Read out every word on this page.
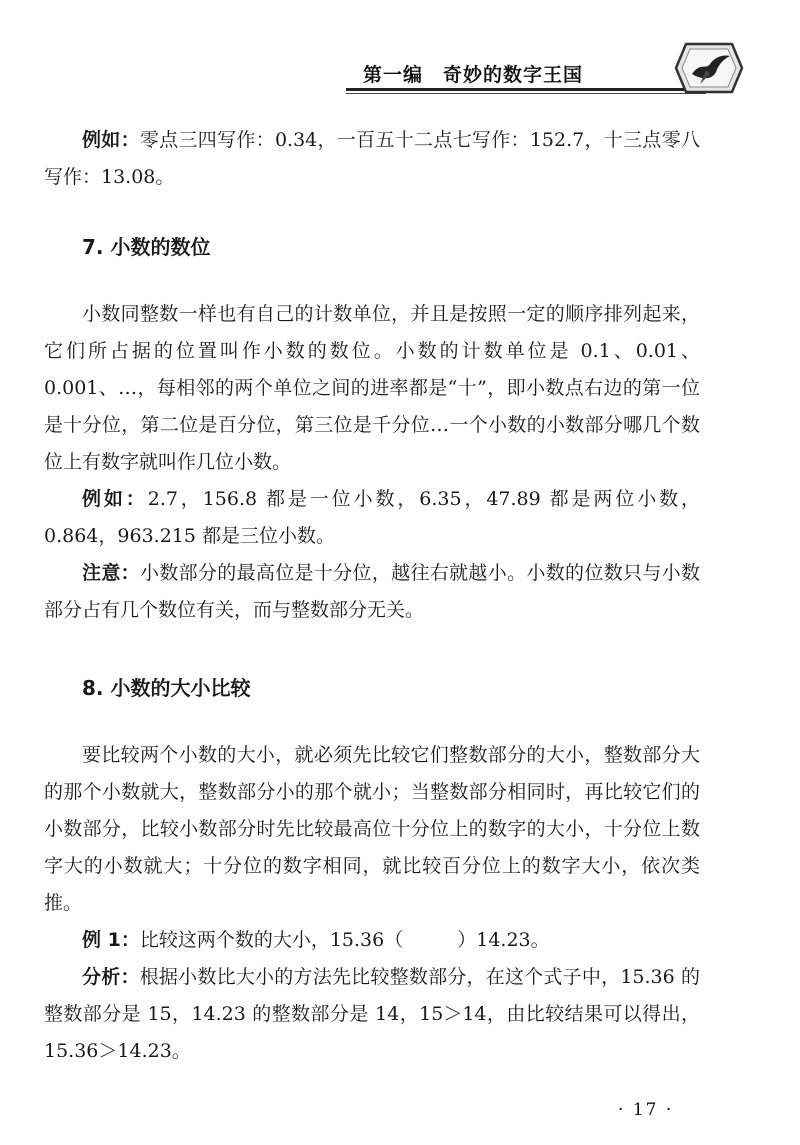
第一编　奇妙的数字王国

例如：零点三四写作：0.34，一百五十二点七写作：152.7，十三点零八写作：13.08。

7. 小数的数位

小数同整数一样也有自己的计数单位，并且是按照一定的顺序排列起来，它们所占据的位置叫作小数的数位。小数的计数单位是 0.1、0.01、0.001、…，每相邻的两个单位之间的进率都是“十”，即小数点右边的第一位是十分位，第二位是百分位，第三位是千分位…一个小数的小数部分哪几个数位上有数字就叫作几位小数。

例如：2.7，156.8 都是一位小数，6.35，47.89 都是两位小数，0.864，963.215 都是三位小数。

注意：小数部分的最高位是十分位，越往右就越小。小数的位数只与小数部分占有几个数位有关，而与整数部分无关。

8. 小数的大小比较

要比较两个小数的大小，就必须先比较它们整数部分的大小，整数部分大的那个小数就大，整数部分小的那个就小；当整数部分相同时，再比较它们的小数部分，比较小数部分时先比较最高位十分位上的数字的大小，十分位上数字大的小数就大；十分位的数字相同，就比较百分位上的数字大小，依次类推。

例 1：比较这两个数的大小，15.36（	）14.23。

分析：根据小数比大小的方法先比较整数部分，在这个式子中，15.36 的整数部分是 15，14.23 的整数部分是 14，15＞14，由比较结果可以得出，15.36＞14.23。

· 17 ·
